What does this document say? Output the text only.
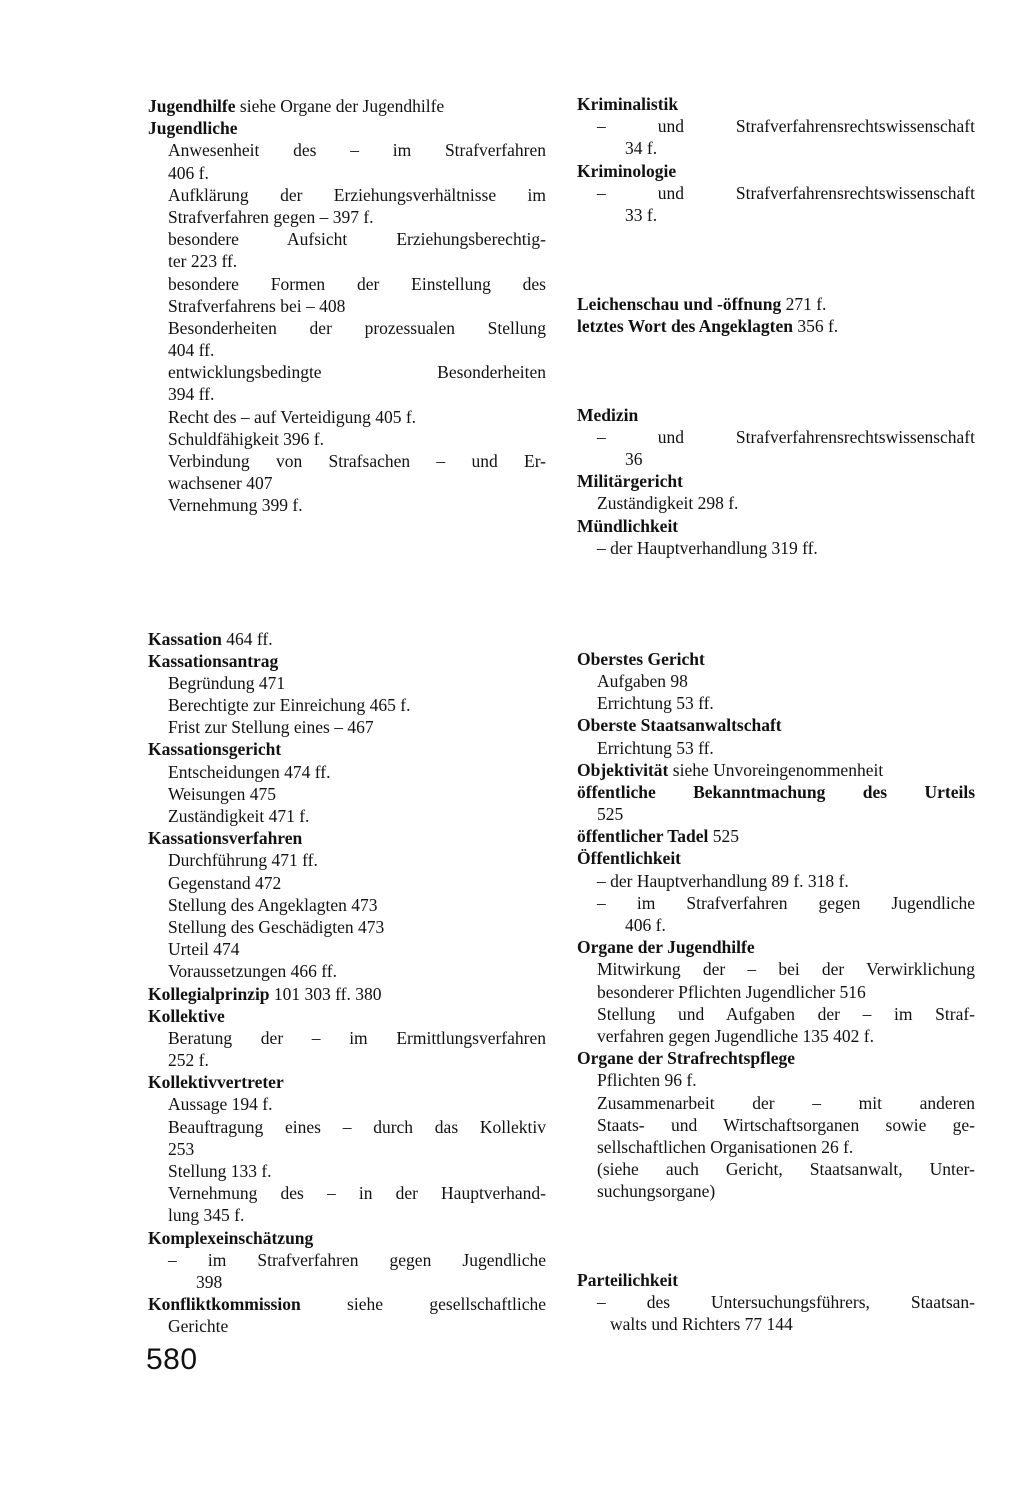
Jugendhilfe siehe Organe der Jugendhilfe
Jugendliche
Anwesenheit des – im Strafverfahren
406 f.
Aufklärung der Erziehungsverhältnisse im
Strafverfahren gegen – 397 f.
besondere Aufsicht Erziehungsberechtig-
ter 223 ff.
besondere Formen der Einstellung des
Strafverfahrens bei – 408
Besonderheiten der prozessualen Stellung
404 ff.
entwicklungsbedingte Besonderheiten
394 ff.
Recht des – auf Verteidigung 405 f.
Schuldfähigkeit 396 f.
Verbindung von Strafsachen – und Er-
wachsener 407
Vernehmung 399 f.
Kassation 464 ff.
Kassationsantrag
Begründung 471
Berechtigte zur Einreichung 465 f.
Frist zur Stellung eines – 467
Kassationsgericht
Entscheidungen 474 ff.
Weisungen 475
Zuständigkeit 471 f.
Kassationsverfahren
Durchführung 471 ff.
Gegenstand 472
Stellung des Angeklagten 473
Stellung des Geschädigten 473
Urteil 474
Voraussetzungen 466 ff.
Kollegialprinzip 101 303 ff. 380
Kollektive
Beratung der – im Ermittlungsverfahren
252 f.
Kollektivvertreter
Aussage 194 f.
Beauftragung eines – durch das Kollektiv
253
Stellung 133 f.
Vernehmung des – in der Hauptverhand-
lung 345 f.
Komplexeinschätzung
– im Strafverfahren gegen Jugendliche
398
Konfliktkommission siehe gesellschaftliche
Gerichte
Kriminalistik
– und Strafverfahrensrechtswissenschaft
34 f.
Kriminologie
– und Strafverfahrensrechtswissenschaft
33 f.
Leichenschau und -öffnung 271 f.
letztes Wort des Angeklagten 356 f.
Medizin
– und Strafverfahrensrechtswissenschaft
36
Militärgericht
Zuständigkeit 298 f.
Mündlichkeit
– der Hauptverhandlung 319 ff.
Oberstes Gericht
Aufgaben 98
Errichtung 53 ff.
Oberste Staatsanwaltschaft
Errichtung 53 ff.
Objektivität siehe Unvoreingenommenheit
öffentliche Bekanntmachung des Urteils
525
öffentlicher Tadel 525
Öffentlichkeit
– der Hauptverhandlung 89 f. 318 f.
– im Strafverfahren gegen Jugendliche
406 f.
Organe der Jugendhilfe
Mitwirkung der – bei der Verwirklichung
besonderer Pflichten Jugendlicher 516
Stellung und Aufgaben der – im Straf-
verfahren gegen Jugendliche 135 402 f.
Organe der Strafrechtspflege
Pflichten 96 f.
Zusammenarbeit der – mit anderen
Staats- und Wirtschaftsorganen sowie ge-
sellschaftlichen Organisationen 26 f.
(siehe auch Gericht, Staatsanwalt, Unter-
suchungsorgane)
Parteilichkeit
– des Untersuchungsführers, Staatsan-
walts und Richters 77 144
580
